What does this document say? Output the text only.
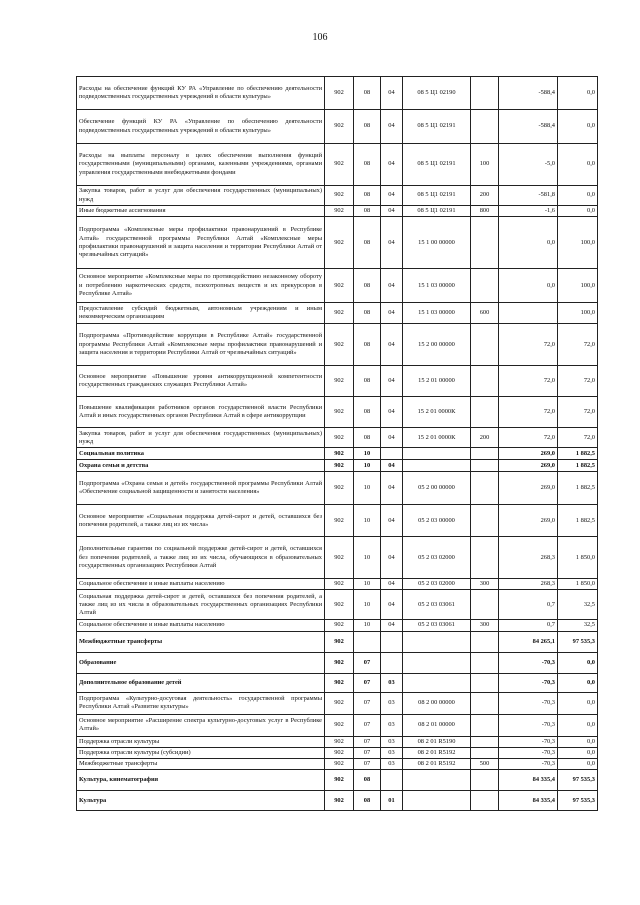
106
Расходы на обеспечение функций КУ РА «Управление по обеспечению деятельности подведомственных государственных учреждений в области культуры»	902	08	04	08 5 Ц1 02190		-588,4	0,0
Обеспечение функций КУ РА «Управление по обеспечению деятельности подведомственных государственных учреждений в области культуры»	902	08	04	08 5 Ц1 02191		-588,4	0,0
Расходы на выплаты персоналу в целях обеспечения выполнения функций государственными (муниципальными) органами, казенными учреждениями, органами управления государственными внебюджетными фондами	902	08	04	08 5 Ц1 02191	100	-5,0	0,0
Закупка товаров, работ и услуг для обеспечения государственных (муниципальных) нужд	902	08	04	08 5 Ц1 02191	200	-581,8	0,0
Иные бюджетные ассигнования	902	08	04	08 5 Ц1 02191	800	-1,6	0,0
Подпрограмма «Комплексные меры профилактики правонарушений в Республике Алтай» государственной программы Республики Алтай «Комплексные меры профилактики правонарушений и защита населения и территории Республики Алтай от чрезвычайных ситуаций»	902	08	04	15 1 00 00000		0,0	100,0
Основное мероприятие «Комплексные меры по противодействию незаконному обороту и потреблению наркотических средств, психотропных веществ и их прекурсоров в Республике Алтай»	902	08	04	15 1 03 00000		0,0	100,0
Предоставление субсидий бюджетным, автономным учреждениям и иным некоммерческим организациям	902	08	04	15 1 03 00000	600		100,0
Подпрограмма «Противодействие коррупции в Республике Алтай» государственной программы Республики Алтай «Комплексные меры профилактики правонарушений и защита населения и территории Республики Алтай от чрезвычайных ситуаций»	902	08	04	15 2 00 00000		72,0	72,0
Основное мероприятие «Повышение уровня антикоррупционной компетентности государственных гражданских служащих Республики Алтай»	902	08	04	15 2 01 00000		72,0	72,0
Повышение квалификации работников органов государственной власти Республики Алтай и иных государственных органов Республики Алтай в сфере антикоррупции	902	08	04	15 2 01 0000К		72,0	72,0
Закупка товаров, работ и услуг для обеспечения государственных (муниципальных) нужд	902	08	04	15 2 01 0000К	200	72,0	72,0
Социальная политика	902	10				269,0	1 882,5
Охрана семьи и детства	902	10	04			269,0	1 882,5
Подпрограмма «Охрана семьи и детей» государственной программы Республики Алтай «Обеспечение социальной защищенности и занятости населения»	902	10	04	05 2 00 00000		269,0	1 882,5
Основное мероприятие «Социальная поддержка детей-сирот и детей, оставшихся без попечения родителей, а также лиц из их числа»	902	10	04	05 2 03 00000		269,0	1 882,5
Дополнительные гарантии по социальной поддержке детей-сирот и детей, оставшихся без попечения родителей, а также лиц из их числа, обучающихся в образовательных государственных организациях Республики Алтай	902	10	04	05 2 03 02000		268,3	1 850,0
Социальное обеспечение и иные выплаты населению	902	10	04	05 2 03 02000	300	268,3	1 850,0
Социальная поддержка детей-сирот и детей, оставшихся без попечения родителей, а также лиц из их числа в образовательных государственных организациях Республики Алтай	902	10	04	05 2 03 03061		0,7	32,5
Социальное обеспечение и иные выплаты населению	902	10	04	05 2 03 03061	300	0,7	32,5
Межбюджетные трансферты	902					84 265,1	97 535,3
Образование	902	07				-70,3	0,0
Дополнительное образование детей	902	07	03			-70,3	0,0
Подпрограмма «Культурно-досуговая деятельность» государственной программы Республики Алтай «Развитие культуры»	902	07	03	08 2 00 00000		-70,3	0,0
Основное мероприятие «Расширение спектра культурно-досуговых услуг в Республике Алтай»	902	07	03	08 2 01 00000		-70,3	0,0
Поддержка отрасли культуры	902	07	03	08 2 01 R5190		-70,3	0,0
Поддержка отрасли культуры (субсидии)	902	07	03	08 2 01 R5192		-70,3	0,0
Межбюджетные трансферты	902	07	03	08 2 01 R5192	500	-70,3	0,0
Культура, кинематография	902	08				84 335,4	97 535,3
Культура	902	08	01			84 335,4	97 535,3
